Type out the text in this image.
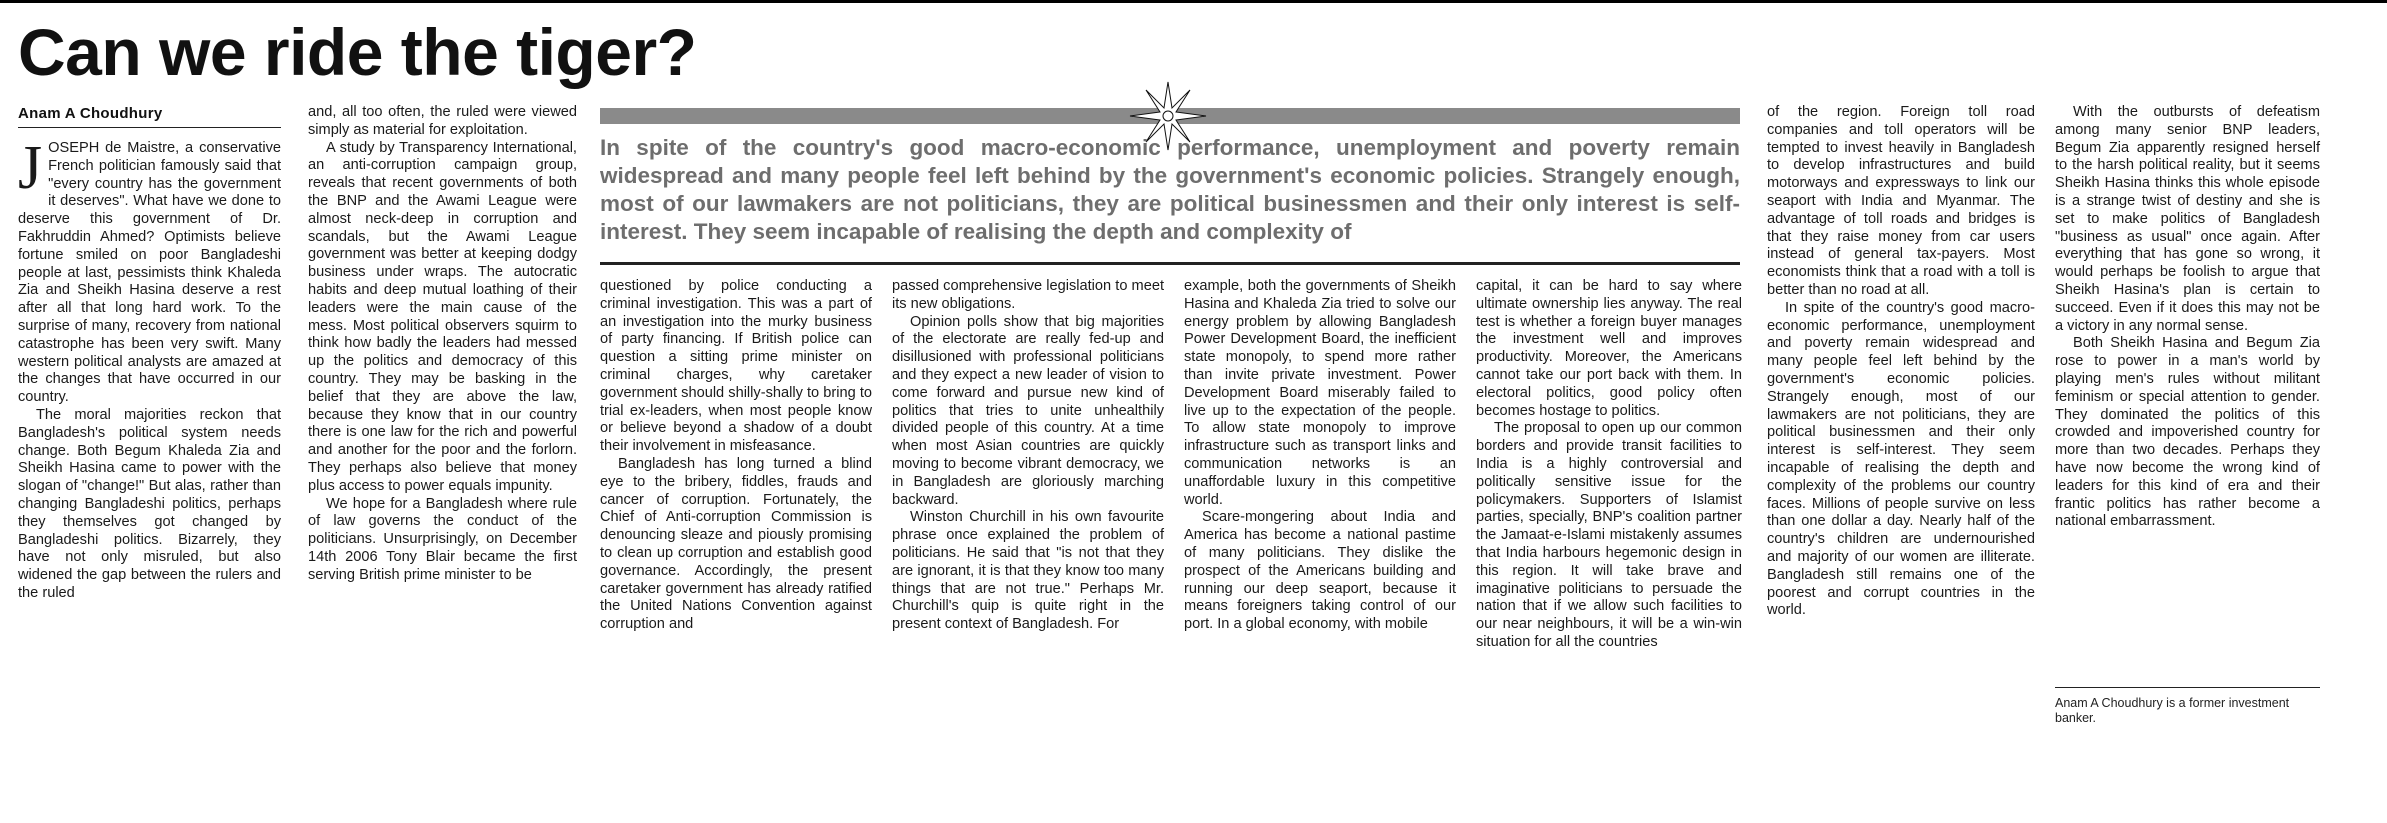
Can we ride the tiger?
Anam A Choudhury
J OSEPH de Maistre, a conservative French politician famously said that "every country has the government it deserves". What have we done to deserve this government of Dr. Fakhruddin Ahmed? Optimists believe fortune smiled on poor Bangladeshi people at last, pessimists think Khaleda Zia and Sheikh Hasina deserve a rest after all that long hard work. To the surprise of many, recovery from national catastrophe has been very swift. Many western political analysts are amazed at the changes that have occurred in our country.

The moral majorities reckon that Bangladesh's political system needs change. Both Begum Khaleda Zia and Sheikh Hasina came to power with the slogan of "change!" But alas, rather than changing Bangladeshi politics, perhaps they themselves got changed by Bangladeshi politics. Bizarrely, they have not only misruled, but also widened the gap between the rulers and the ruled

and, all too often, the ruled were viewed simply as material for exploitation.

A study by Transparency International, an anti-corruption campaign group, reveals that recent governments of both the BNP and the Awami League were almost neck-deep in corruption and scandals, but the Awami League government was better at keeping dodgy business under wraps. The autocratic habits and deep mutual loathing of their leaders were the main cause of the mess. Most political observers squirm to think how badly the leaders had messed up the politics and democracy of this country. They may be basking in the belief that they are above the law, because they know that in our country there is one law for the rich and powerful and another for the poor and the forlorn. They perhaps also believe that money plus access to power equals impunity.

We hope for a Bangladesh where rule of law governs the conduct of the politicians. Unsurprisingly, on December 14th 2006 Tony Blair became the first serving British prime minister to be

In spite of the country's good macro-economic performance, unemployment and poverty remain widespread and many people feel left behind by the government's economic policies. Strangely enough, most of our lawmakers are not politicians, they are political businessmen and their only interest is self-interest. They seem incapable of realising the depth and complexity of

questioned by police conducting a criminal investigation. This was a part of an investigation into the murky business of party financing. If British police can question a sitting prime minister on criminal charges, why caretaker government should shilly-shally to bring to trial ex-leaders, when most people know or believe beyond a shadow of a doubt their involvement in misfeasance.

Bangladesh has long turned a blind eye to the bribery, fiddles, frauds and cancer of corruption. Fortunately, the Chief of Anti-corruption Commission is denouncing sleaze and piously promising to clean up corruption and establish good governance. Accordingly, the present caretaker government has already ratified the United Nations Convention against corruption and

passed comprehensive legislation to meet its new obligations.

Opinion polls show that big majorities of the electorate are really fed-up and disillusioned with professional politicians and they expect a new leader of vision to come forward and pursue new kind of politics that tries to unite unhealthily divided people of this country. At a time when most Asian countries are quickly moving to become vibrant democracy, we in Bangladesh are gloriously marching backward.

Winston Churchill in his own favourite phrase once explained the problem of politicians. He said that "is not that they are ignorant, it is that they know too many things that are not true." Perhaps Mr. Churchill's quip is quite right in the present context of Bangladesh. For

example, both the governments of Sheikh Hasina and Khaleda Zia tried to solve our energy problem by allowing Bangladesh Power Development Board, the inefficient state monopoly, to spend more rather than invite private investment. Power Development Board miserably failed to live up to the expectation of the people. To allow state monopoly to improve infrastructure such as transport links and communication networks is an unaffordable luxury in this competitive world.

Scare-mongering about India and America has become a national pastime of many politicians. They dislike the prospect of the Americans building and running our deep seaport, because it means foreigners taking control of our port. In a global economy, with mobile

capital, it can be hard to say where ultimate ownership lies anyway. The real test is whether a foreign buyer manages the investment well and improves productivity. Moreover, the Americans cannot take our port back with them. In electoral politics, good policy often becomes hostage to politics.

The proposal to open up our common borders and provide transit facilities to India is a highly controversial and politically sensitive issue for the policymakers. Supporters of Islamist parties, specially, BNP's coalition partner the Jamaat-e-Islami mistakenly assumes that India harbours hegemonic design in this region. It will take brave and imaginative politicians to persuade the nation that if we allow such facilities to our near neighbours, it will be a win-win situation for all the countries

of the region. Foreign toll road companies and toll operators will be tempted to invest heavily in Bangladesh to develop infrastructures and build motorways and expressways to link our seaport with India and Myanmar. The advantage of toll roads and bridges is that they raise money from car users instead of general tax-payers. Most economists think that a road with a toll is better than no road at all.

In spite of the country's good macro-economic performance, unemployment and poverty remain widespread and many people feel left behind by the government's economic policies. Strangely enough, most of our lawmakers are not politicians, they are political businessmen and their only interest is self-interest. They seem incapable of realising the depth and complexity of the problems our country faces. Millions of people survive on less than one dollar a day. Nearly half of the country's children are undernourished and majority of our women are illiterate. Bangladesh still remains one of the poorest and corrupt countries in the world.

With the outbursts of defeatism among many senior BNP leaders, Begum Zia apparently resigned herself to the harsh political reality, but it seems Sheikh Hasina thinks this whole episode is a strange twist of destiny and she is set to make politics of Bangladesh "business as usual" once again. After everything that has gone so wrong, it would perhaps be foolish to argue that Sheikh Hasina's plan is certain to succeed. Even if it does this may not be a victory in any normal sense.

Both Sheikh Hasina and Begum Zia rose to power in a man's world by playing men's rules without militant feminism or special attention to gender. They dominated the politics of this crowded and impoverished country for more than two decades. Perhaps they have now become the wrong kind of leaders for this kind of era and their frantic politics has rather become a national embarrassment.

Anam A Choudhury is a former investment banker.
